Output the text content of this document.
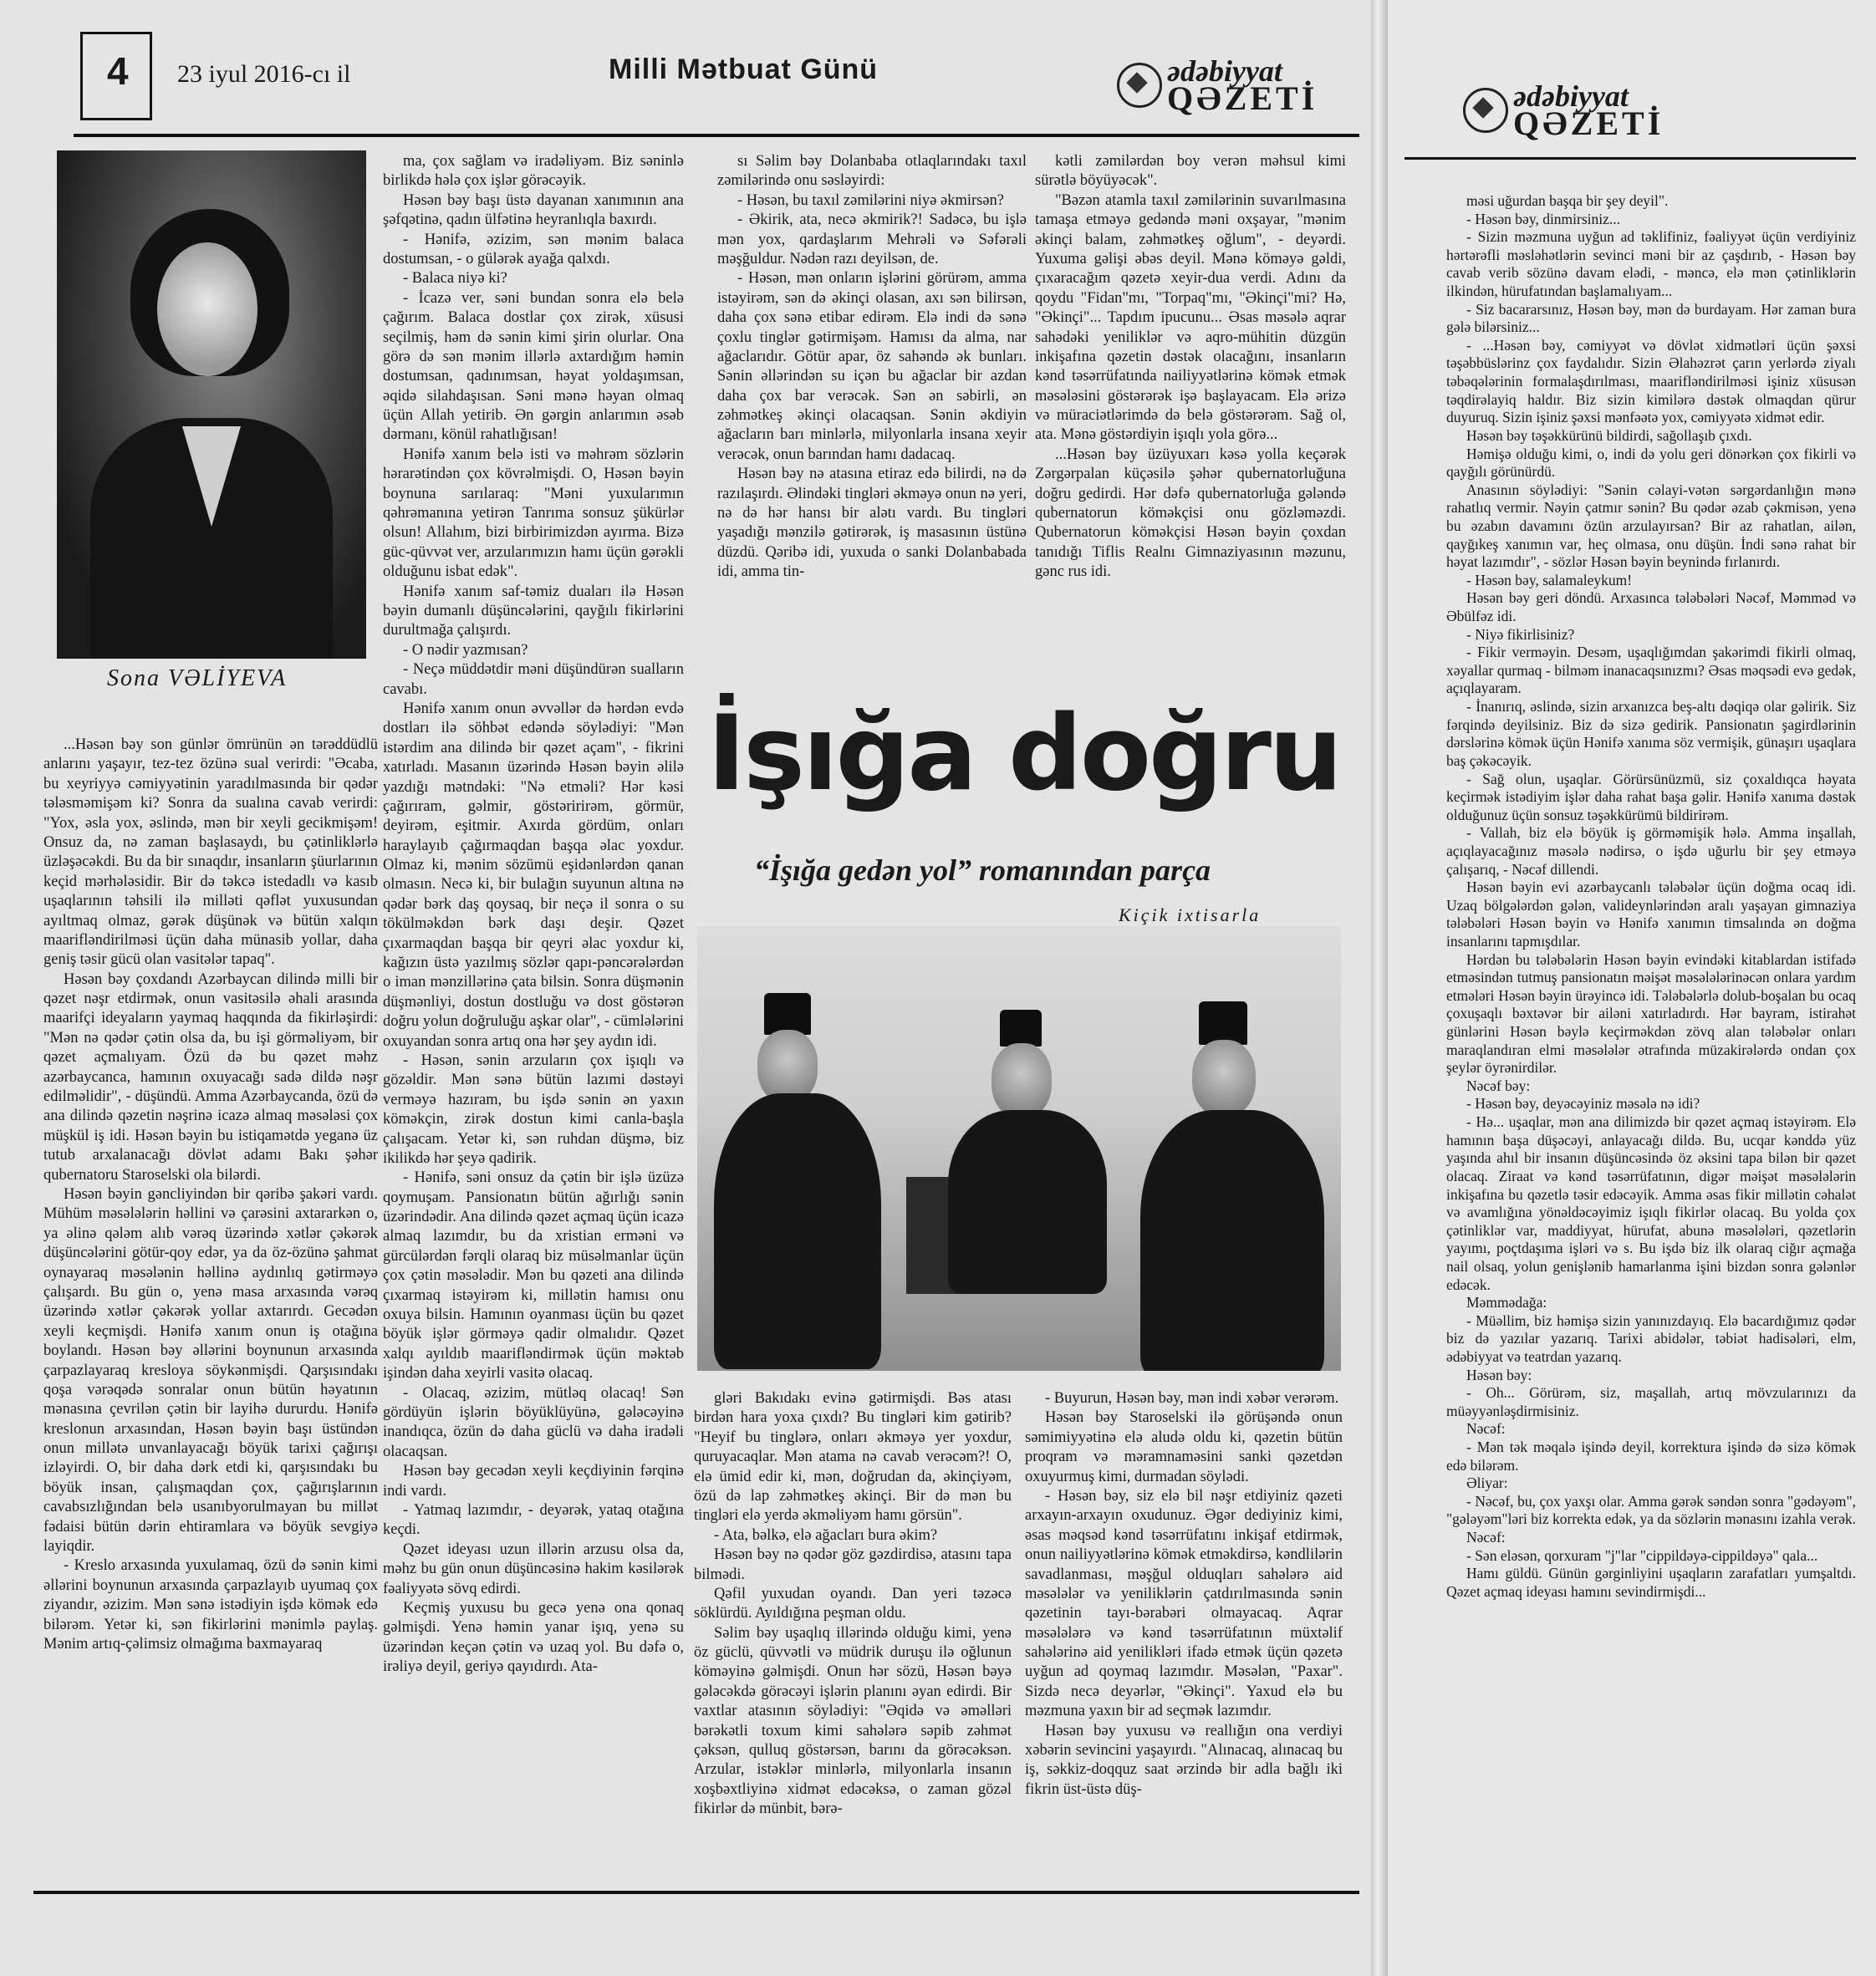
4 23 iyul 2016-cı il	Milli Mətbuat Günü	ədəbiyyat
QƏZETİ
Sona VƏLİYEVA

...Həsən bəy son günlər ömrünün ən tərəddüdlü anlarını yaşayır, tez-tez özünə sual verirdi: "Əcaba, bu xeyriyyə cəmiyyətinin yaradılmasında bir qədər tələsməmişəm ki? Sonra da sualına cavab verirdi: "Yox, əsla yox, əslində, mən bir xeyli gecikmişəm! Onsuz da, nə zaman başlasaydı, bu çətinliklərlə üzləşəcəkdi. Bu da bir sınaqdır, insanların şüurlarının keçid mərhələsidir. Bir də təkcə istedadlı və kasıb uşaqlarının təhsili ilə milləti qəflət yuxusundan ayıltmaq olmaz, gərək düşünək və bütün xalqın maarifləndirilməsi üçün daha münasib yollar, daha geniş təsir gücü olan vasitələr tapaq".

Həsən bəy çoxdandı Azərbaycan dilində milli bir qəzet nəşr etdirmək, onun vasitəsilə əhali arasında maarifçi ideyaların yaymaq haqqında da fikirləşirdi: "Mən nə qədər çətin olsa da, bu işi görməliyəm, bir qəzet açmalıyam. Özü də bu qəzet məhz azərbaycanca, hamının oxuyacağı sadə dildə nəşr edilməlidir", - düşündü. Amma Azərbaycanda, özü də ana dilində qəzetin nəşrinə icazə almaq məsələsi çox müşkül iş idi. Həsən bəyin bu istiqamətdə yeganə üz tutub arxalanacağı dövlət adamı Bakı şəhər qubernatoru Staroselski ola bilərdi.

Həsən bəyin gəncliyindən bir qəribə şakəri vardı. Mühüm məsələlərin həllini və çarəsini axtararkən o, ya əlinə qələm alıb vərəq üzərində xətlər çəkərək düşüncələrini götür-qoy edər, ya da öz-özünə şahmat oynayaraq məsələnin həllinə aydınlıq gətirməyə çalışardı. Bu gün o, yenə masa arxasında vərəq üzərində xətlər çəkərək yollar axtarırdı. Gecədən xeyli keçmişdi. Hənifə xanım onun iş otağına boylandı. Həsən bəy əllərini boynunun arxasında çarpazlayaraq kresloya söykənmişdi. Qarşısındakı qoşa vərəqədə sonralar onun bütün həyatının mənasına çevrilən çətin bir layihə dururdu. Hənifə kreslonun arxasından, Həsən bəyin başı üstündən onun millətə unvanlayacağı böyük tarixi çağırışı izləyirdi. O, bir daha dərk etdi ki, qarşısındakı bu böyük insan, çalışmaqdan çox, çağırışlarının cavabsızlığından belə usanıbyorulmayan bu millət fədaisi bütün dərin ehtiramlara və böyük sevgiyə layiqdir.

- Kreslo arxasında yuxulamaq, özü də sənin kimi əllərini boynunun arxasında çarpazlayıb uyumaq çox ziyandır, əzizim. Mən sənə istədiyin işdə kömək edə bilərəm. Yetər ki, sən fikirlərini mənimlə paylaş. Mənim artıq-çəlimsiz olmağıma baxmayaraq

ma, çox sağlam və iradəliyəm. Biz səninlə birlikdə hələ çox işlər görəcəyik.

Həsən bəy başı üstə dayanan xanımının ana şəfqətinə, qadın ülfətinə heyranlıqla baxırdı.

- Hənifə, əzizim, sən mənim balaca dostumsan, - o gülərək ayağa qalxdı.

- Balaca niyə ki?

- İcazə ver, səni bundan sonra elə belə çağırım. Balaca dostlar çox zirək, xüsusi seçilmiş, həm də sənin kimi şirin olurlar. Ona görə də sən mənim illərlə axtardığım həmin dostumsan, qadınımsan, həyat yoldaşımsan, əqidə silahdaşısan. Səni mənə həyan olmaq üçün Allah yetirib. Ən gərgin anlarımın əsəb dərmanı, könül rahatlığısan!

Hənifə xanım belə isti və məhrəm sözlərin hərarətindən çox kövrəlmişdi. O, Həsən bəyin boynuna sarılaraq: "Məni yuxularımın qəhrəmanına yetirən Tanrıma sonsuz şükürlər olsun! Allahım, bizi birbirimizdən ayırma. Bizə güc-qüvvət ver, arzularımızın hamı üçün gərəkli olduğunu isbat edək".

Hənifə xanım saf-təmiz duaları ilə Həsən bəyin dumanlı düşüncələrini, qayğılı fikirlərini durultmağa çalışırdı.

- O nədir yazmısan?

- Neçə müddətdir məni düşündürən sualların cavabı.

Hənifə xanım onun əvvəllər də hərdən evdə dostları ilə söhbət edəndə söylədiyi: "Mən istərdim ana dilində bir qəzet açam", - fikrini xatırladı. Masanın üzərində Həsən bəyin əlilə yazdığı mətndəki: "Nə etməli? Hər kəsi çağırıram, gəlmir, göstəririrəm, görmür, deyirəm, eşitmir. Axırda gördüm, onları haraylayıb çağırmaqdan başqa əlac yoxdur. Olmaz ki, mənim sözümü eşidənlərdən qanan olmasın. Necə ki, bir bulağın suyunun altına nə qədər bərk daş qoysaq, bir neçə il sonra o su tökülməkdən bərk daşı deşir. Qəzet çıxarmaqdan başqa bir qeyri əlac yoxdur ki, kağızın üstə yazılmış sözlər qapı-pəncərələrdən o iman mənzillərinə çata bilsin. Sonra düşmənin düşmənliyi, dostun dostluğu və dost göstərən doğru yolun doğruluğu aşkar olar", - cümlələrini oxuyandan sonra artıq ona hər şey aydın idi.

- Həsən, sənin arzuların çox işıqlı və gözəldir. Mən sənə bütün lazımi dəstəyi verməyə hazıram, bu işdə sənin ən yaxın köməkçin, zirək dostun kimi canla-başla çalışacam. Yetər ki, sən ruhdan düşmə, biz ikilikdə hər şeyə qadirik.

- Hənifə, səni onsuz da çətin bir işlə üzüzə qoymuşam. Pansionatın bütün ağırlığı sənin üzərindədir. Ana dilində qəzet açmaq üçün icazə almaq lazımdır, bu da xristian erməni və gürcülərdən fərqli olaraq biz müsəlmanlar üçün çox çətin məsələdir. Mən bu qəzeti ana dilində çıxarmaq istəyirəm ki, millətin hamısı onu oxuya bilsin. Hamının oyanması üçün bu qəzet böyük işlər görməyə qadir olmalıdır. Qəzet xalqı ayıldıb maarifləndirmək üçün məktəb işindən daha xeyirli vasitə olacaq.

- Olacaq, əzizim, mütləq olacaq! Sən gördüyün işlərin böyüklüyünə, gələcəyinə inandıqca, özün də daha güclü və daha iradəli olacaqsan.

Həsən bəy gecədən xeyli keçdiyinin fərqinə indi vardı.

- Yatmaq lazımdır, - deyərək, yataq otağına keçdi.

Qəzet ideyası uzun illərin arzusu olsa da, məhz bu gün onun düşüncəsinə hakim kəsilərək fəaliyyətə sövq edirdi.

Keçmiş yuxusu bu gecə yenə ona qonaq gəlmişdi. Yenə həmin yanar işıq, yenə su üzərindən keçən çətin və uzaq yol. Bu dəfə o, irəliyə deyil, geriyə qayıdırdı. Ata-

sı Səlim bəy Dolanbaba otlaqlarındakı taxıl zəmilərində onu səsləyirdi:

- Həsən, bu taxıl zəmilərini niyə əkmirsən?

- Əkirik, ata, necə əkmirik?! Sadəcə, bu işlə mən yox, qardaşlarım Mehrəli və Səfərəli məşğuldur. Nədən razı deyilsən, de.

- Həsən, mən onların işlərini görürəm, amma istəyirəm, sən də əkinçi olasan, axı sən bilirsən, daha çox sənə etibar edirəm. Elə indi də sənə çoxlu tinglər gətirmişəm. Hamısı da alma, nar ağaclarıdır. Götür apar, öz sahəndə ək bunları. Sənin əllərindən su içən bu ağaclar bir azdan daha çox bar verəcək. Sən ən səbirli, ən zəhmətkeş əkinçi olacaqsan. Sənin əkdiyin ağacların barı minlərlə, milyonlarla insana xeyir verəcək, onun barından hamı dadacaq.

Həsən bəy nə atasına etiraz edə bilirdi, nə də razılaşırdı. Əlindəki tingləri əkməyə onun nə yeri, nə də hər hansı bir alətı vardı. Bu tingləri yaşadığı mənzilə gətirərək, iş masasının üstünə düzdü. Qəribə idi, yuxuda o sanki Dolanbabada idi, amma tin-

kətli zəmilərdən boy verən məhsul kimi sürətlə böyüyəcək".

"Bəzən atamla taxıl zəmilərinin suvarılmasına tamaşa etməyə gedəndə məni oxşayar, "mənim əkinçi balam, zəhmətkeş oğlum", - deyərdi. Yuxuma gəlişi əbəs deyil. Mənə köməyə gəldi, çıxaracağım qəzetə xeyir-dua verdi. Adını da qoydu "Fidan"mı, "Torpaq"mı, "Əkinçi"mi? Hə, "Əkinçi"... Tapdım ipucunu... Əsas məsələ aqrar sahədəki yeniliklər və aqro-mühitin düzgün inkişafına qəzetin dəstək olacağını, insanların kənd təsərrüfatında nailiyyətlərinə kömək etmək məsələsini göstərərək işə başlayacam. Elə ərizə və müraciətlərimdə də belə göstərərəm. Sağ ol, ata. Mənə göstərdiyin işıqlı yola görə...

...Həsən bəy üzüyuxarı kəsə yolla keçərək Zərgərpalan küçəsilə şəhər qubernatorluğuna doğru gedirdi. Hər dəfə qubernatorluğa gələndə qubernatorun köməkçisi onu gözləməzdi. Qubernatorun köməkçisi Həsən bəyin çoxdan tanıdığı Tiflis Realnı Gimnaziyasının məzunu, gənc rus idi.

İşığa doğru
“İşığa gedən yol” romanından parça
Kiçik ixtisarla

gləri Bakıdakı evinə gətirmişdi. Bəs atası birdən hara yoxa çıxdı? Bu tingləri kim gətirib? "Heyif bu tinglərə, onları əkməyə yer yoxdur, quruyacaqlar. Mən atama nə cavab verəcəm?! O, elə ümid edir ki, mən, doğrudan da, əkinçiyəm, özü də lap zəhmətkeş əkinçi. Bir də mən bu tingləri elə yerdə əkməliyəm hamı görsün".

- Ata, bəlkə, elə ağacları bura əkim?

Həsən bəy nə qədər göz gəzdirdisə, atasını tapa bilmədi.

Qəfil yuxudan oyandı. Dan yeri təzəcə söklürdü. Ayıldığına peşman oldu.

Səlim bəy uşaqlıq illərində olduğu kimi, yenə öz güclü, qüvvətli və müdrik duruşu ilə oğlunun köməyinə gəlmişdi. Onun hər sözü, Həsən bəyə gələcəkdə görəcəyi işlərin planını əyan edirdi. Bir vaxtlar atasının söylədiyi: "Əqidə və əməlləri bərəkətli toxum kimi sahələrə səpib zəhmət çəksən, qulluq göstərsən, barını da görəcəksən. Arzular, istəklər minlərlə, milyonlarla insanın xoşbəxtliyinə xidmət edəcəksə, o zaman gözəl fikirlər də münbit, bərə-

- Buyurun, Həsən bəy, mən indi xəbər verərəm.

Həsən bəy Staroselski ilə görüşəndə onun səmimiyyətinə elə aludə oldu ki, qəzetin bütün proqram və məramnaməsini sanki qəzetdən oxuyurmuş kimi, durmadan söylədi.

- Həsən bəy, siz elə bil nəşr etdiyiniz qəzeti arxayın-arxayın oxudunuz. Əgər dediyiniz kimi, əsas məqsəd kənd təsərrüfatını inkişaf etdirmək, onun nailiyyətlərinə kömək etməkdirsə, kəndlilərin savadlanması, məşğul olduqları sahələrə aid məsələlər və yeniliklərin çatdırılmasında sənin qəzetinin tayı-bərabəri olmayacaq. Aqrar məsələlərə və kənd təsərrüfatının müxtəlif sahələrinə aid yenilikləri ifadə etmək üçün qəzetə uyğun ad qoymaq lazımdır. Məsələn, "Paxar". Sizdə necə deyərlər, "Əkinçi". Yaxud elə bu məzmuna yaxın bir ad seçmək lazımdır.

Həsən bəy yuxusu və reallığın ona verdiyi xəbərin sevincini yaşayırdı. "Alınacaq, alınacaq bu iş, səkkiz-doqquz saat ərzində bir adla bağlı iki fikrin üst-üstə düş-

ədəbiyyat
QƏZETİ

məsi uğurdan başqa bir şey deyil".

- Həsən bəy, dinmirsiniz...

- Sizin məzmuna uyğun ad təklifiniz, fəaliyyət üçün verdiyiniz hərtərəfli məsləhətlərin sevinci məni bir az çaşdırıb, - Həsən bəy cavab verib sözünə davam elədi, - məncə, elə mən çətinliklərin ilkindən, hürufatından başlamalıyam...

- Siz bacararsınız, Həsən bəy, mən də burdayam. Hər zaman bura gələ bilərsiniz...

- ...Həsən bəy, cəmiyyət və dövlət xidmətləri üçün şəxsi təşəbbüslərinz çox faydalıdır. Sizin Əlahəzrət çarın yerlərdə ziyalı təbəqələrinin formalaşdırılması, maarifləndirilməsi işiniz xüsusən təqdirəlayiq haldır. Biz sizin kimilərə dəstək olmaqdan qürur duyuruq. Sizin işiniz şəxsi mənfəətə yox, cəmiyyətə xidmət edir.

Həsən bəy təşəkkürünü bildirdi, sağollaşıb çıxdı.

Həmişə olduğu kimi, o, indi də yolu geri dönərkən çox fikirli və qayğılı görünürdü.

Anasının söylədiyi: "Sənin cəlayi-vətən sərgərdanlığın mənə rahatlıq vermir. Nəyin çatmır sənin? Bu qədər əzab çəkmisən, yenə bu əzabın davamını özün arzulayırsan? Bir az rahatlan, ailən, qayğıkeş xanımın var, heç olmasa, onu düşün. İndi sənə rahat bir həyat lazımdır", - sözlər Həsən bəyin beynində fırlanırdı.

- Həsən bəy, salamaleykum!

Həsən bəy geri döndü. Arxasınca tələbələri Nəcəf, Məmməd və Əbülfəz idi.

- Niyə fikirlisiniz?

- Fikir verməyin. Desəm, uşaqlığımdan şakərimdi fikirli olmaq, xəyallar qurmaq - bilməm inanacaqsınızmı? Əsas məqsədi evə gedək, açıqlayaram.

- İnanırıq, əslində, sizin arxanızca beş-altı dəqiqə olar gəlirik. Siz fərqində deyilsiniz. Biz də sizə gedirik. Pansionatın şagirdlərinin dərslərinə kömək üçün Hənifə xanıma söz vermişik, günaşırı uşaqlara baş çəkəcəyik.

- Sağ olun, uşaqlar. Görürsünüzmü, siz çoxaldıqca həyata keçirmək istədiyim işlər daha rahat başa gəlir. Hənifə xanıma dəstək olduğunuz üçün sonsuz təşəkkürümü bildirirəm.

- Vallah, biz elə böyük iş görməmişik hələ. Amma inşallah, açıqlayacağınız məsələ nədirsə, o işdə uğurlu bir şey etməyə çalışarıq, - Nəcəf dillendi.

Həsən bəyin evi azərbaycanlı tələbələr üçün doğma ocaq idi. Uzaq bölgələrdən gələn, valideynlərindən aralı yaşayan gimnaziya tələbələri Həsən bəyin və Hənifə xanımın timsalında ən doğma insanlarını tapmışdılar.

Hərdən bu tələbələrin Həsən bəyin evindəki kitablardan istifadə etməsindən tutmuş pansionatın məişət məsələlərinəcən onlara yardım etmələri Həsən bəyin ürəyincə idi. Tələbələrlə dolub-boşalan bu ocaq çoxuşaqlı bəxtəvər bir ailəni xatırladırdı. Hər bayram, istirahət günlərini Həsən bəylə keçirməkdən zövq alan tələbələr onları maraqlandıran elmi məsələlər ətrafında müzakirələrdə ondan çox şeylər öyrənirdilər.

Nəcəf bəy:

- Həsən bəy, deyəcəyiniz məsələ nə idi?

- Hə... uşaqlar, mən ana dilimizdə bir qəzet açmaq istəyirəm. Elə hamının başa düşəcəyi, anlayacağı dildə. Bu, ucqar kənddə yüz yaşında ahıl bir insanın düşüncəsində öz əksini tapa bilən bir qəzet olacaq. Ziraat və kənd təsərrüfatının, digər məişət məsələlərin inkişafına bu qəzetlə təsir edəcəyik. Amma əsas fikir millətin cəhalət və avamlığına yönəldəcəyimiz işıqlı fikirlər olacaq. Bu yolda çox çətinliklər var, maddiyyat, hürufat, abunə məsələləri, qəzetlərin yayımı, poçtdaşıma işləri və s. Bu işdə biz ilk olaraq ciğır açmağa nail olsaq, yolun genişlənib hamarlanma işini bizdən sonra gələnlər edəcək.

Məmmədağa:

- Müəllim, biz həmişə sizin yanınızdayıq. Elə bacardığımız qədər biz də yazılar yazarıq. Tarixi abidələr, təbiət hadisələri, elm, ədəbiyyat və teatrdan yazarıq.

Həsən bəy:

- Oh... Görürəm, siz, maşallah, artıq mövzularınızı da müəyyənləşdirmisiniz.

Nəcəf:

- Mən tək məqalə işində deyil, korrektura işində də sizə kömək edə bilərəm.

Əliyar:

- Nəcəf, bu, çox yaxşı olar. Amma gərək səndən sonra "gədəyəm", "gələyəm"ləri biz korrekta edək, ya da sözlərin mənasını izahla verək.

Nəcəf:

- Sən eləsən, qorxuram "j"lar "cippildəyə-cippildəyə" qala...

Hamı güldü. Günün gərginliyini uşaqların zarafatları yumşaltdı. Qəzet açmaq ideyası hamını sevindirmişdi...
